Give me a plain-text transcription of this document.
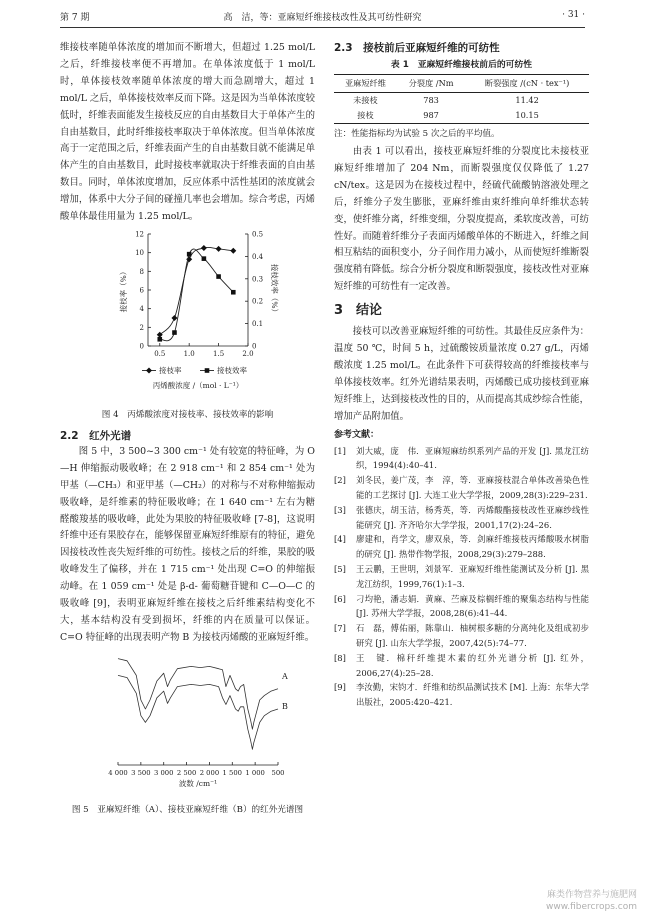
第 7 期	高　洁，等：亚麻短纤维接枝改性及其可纺性研究	· 31 ·

维接枝率随单体浓度的增加而不断增大，但超过 1.25 mol/L 之后，纤维接枝率便不再增加。在单体浓度低于 1 mol/L 时，单体接枝效率随单体浓度的增大而急剧增大，超过 1 mol/L 之后，单体接枝效率反而下降。这是因为当单体浓度较低时，纤维表面能发生接枝反应的自由基数目大于单体产生的自由基数目，此时纤维接枝率取决于单体浓度。但当单体浓度高于一定范围之后，纤维表面产生的自由基数目就不能满足单体产生的自由基数目，此时接枝率就取决于纤维表面的自由基数目。同时，单体浓度增加，反应体系中活性基团的浓度就会增加，体系中大分子间的碰撞几率也会增加。综合考虑，丙烯酸单体最佳用量为 1.25 mol/L。

0
2
4
6
8
10
12
0
0.1
0.2
0.3
0.4
0.5
0.5	1.0	1.5	2.0
接枝率（%）	接枝效率（%）
丙烯酸浓度 /（mol · L⁻¹）
接枝率	接枝效率

图 4　丙烯酸浓度对接枝率、接枝效率的影响

2.2　红外光谱

图 5 中，3 500~3 300 cm⁻¹ 处有较宽的特征峰，为 O—H 伸缩振动吸收峰；在 2 918 cm⁻¹ 和 2 854 cm⁻¹ 处为甲基（—CH₃）和亚甲基（—CH₂）的对称与不对称伸缩振动吸收峰，是纤维素的特征吸收峰；在 1 640 cm⁻¹ 左右为糖醛酸羧基的吸收峰，此处为果胶的特征吸收峰 [7-8]，这说明纤维中还有果胶存在，能够保留亚麻短纤维原有的特征，避免因接枝改性丧失短纤维的可纺性。接枝之后的纤维，果胶的吸收峰发生了偏移，并在 1 715 cm⁻¹ 处出现 C=O 的伸缩振动峰。在 1 059 cm⁻¹ 处是 β-d- 葡萄糖苷键和 C—O—C 的吸收峰 [9]，表明亚麻短纤维在接枝之后纤维素结构变化不大，基本结构没有受到损坏，纤维的内在质量可以保证。C=O 特征峰的出现表明产物 B 为接枝丙烯酸的亚麻短纤维。

4 000 3 500 3 000 2 500 2 000 1 500 1 000 500
波数 /cm⁻¹
A
B

图 5　亚麻短纤维（A）、接枝亚麻短纤维（B）的红外光谱图

2.3　接枝前后亚麻短纤维的可纺性
表 1　亚麻短纤维接枝前后的可纺性
亚麻短纤维	分裂度 /Nm	断裂强度 /(cN · tex⁻¹)
未接枝	783	11.42
接枝	987	10.15

注：性能指标均为试验 5 次之后的平均值。

由表 1 可以看出，接枝亚麻短纤维的分裂度比未接枝亚麻短纤维增加了 204 Nm，而断裂强度仅仅降低了 1.27 cN/tex。这是因为在接枝过程中，经硫代硫酸钠溶液处理之后，纤维分子发生膨胀，亚麻纤维由束纤维向单纤维状态转变，使纤维分离，纤维变细，分裂度提高，柔软度改善，可纺性好。而随着纤维分子表面丙烯酸单体的不断进入，纤维之间相互粘结的面积变小，分子间作用力减小，从而使短纤维断裂强度稍有降低。综合分析分裂度和断裂强度，接枝改性对亚麻短纤维的可纺性有一定改善。

3　结论

接枝可以改善亚麻短纤维的可纺性。其最佳反应条件为：温度 50 ℃，时间 5 h，过硫酸铵质量浓度 0.27 g/L，丙烯酸浓度 1.25 mol/L。在此条件下可获得较高的纤维接枝率与单体接枝效率。红外光谱结果表明，丙烯酸已成功接枝到亚麻短纤维上，达到接枝改性的目的，从而提高其成纱综合性能，增加产品附加值。

参考文献：
[1] 刘大威，庞　伟．亚麻短麻纺织系列产品的开发 [J]. 黑龙江纺织，1994(4):40–41.
[2] 刘冬民，姜广茂，李　淳，等．亚麻接枝混合单体改善染色性能的工艺探讨 [J]. 大连工业大学学报，2009,28(3):229–231.
[3] 张德庆，胡玉洁，杨秀英，等．丙烯酸酯接枝改性亚麻纱线性能研究 [J]. 齐齐哈尔大学学报，2001,17(2):24–26.
[4] 廖建和，肖学文，廖双泉，等．剑麻纤维接枝丙烯酸吸水树脂的研究 [J]. 热带作物学报，2008,29(3):279–288.
[5] 王云鹏，王世明，刘景军．亚麻短纤维性能测试及分析 [J]. 黑龙江纺织，1999,76(1):1–3.
[6] 刁均艳，潘志娟．黄麻、苎麻及棕榈纤维的聚集态结构与性能 [J]. 苏州大学学报，2008,28(6):41–44.
[7] 石　磊，傅佑丽，陈靠山．柚树根多糖的分离纯化及组成初步研究 [J]. 山东大学学报，2007,42(5):74–77.
[8] 王　键．棉秆纤维提木素的红外光谱分析 [J]. 红外，2006,27(4):25–28.
[9] 李汝勤，宋钧才．纤维和纺织品测试技术 [M]. 上海：东华大学出版社，2005:420–421.
麻类作物营养与施肥网
www.fibercrops.com
